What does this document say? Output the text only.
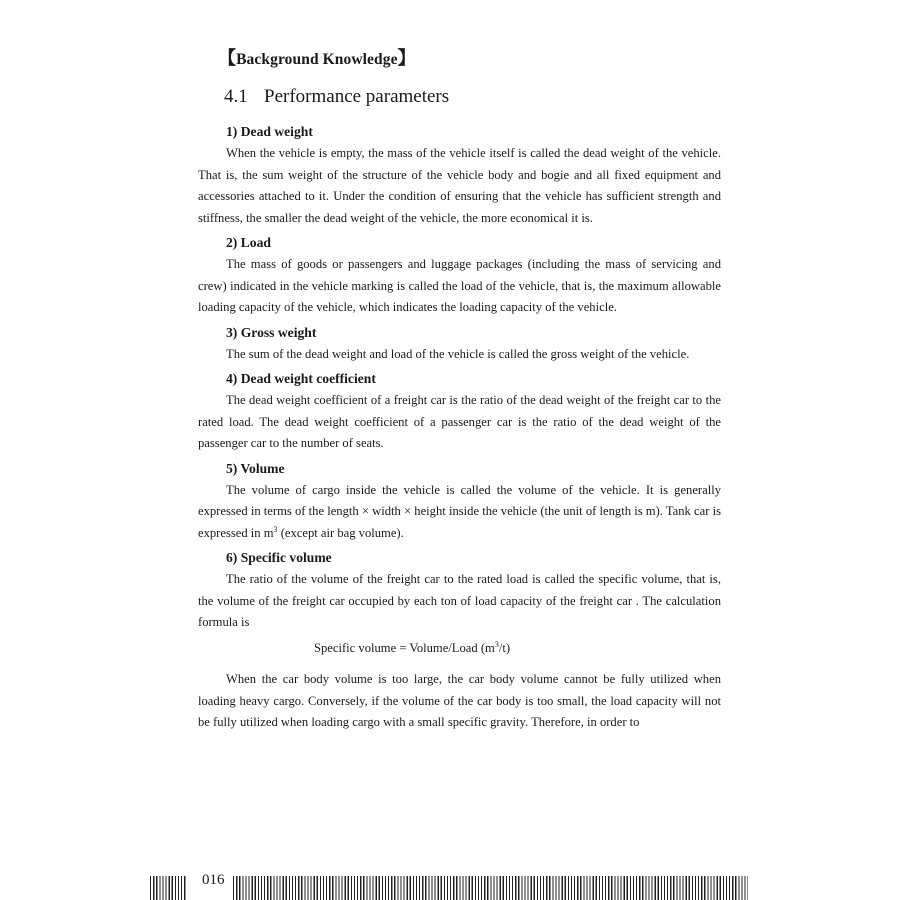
【Background Knowledge】
4.1 Performance parameters
1) Dead weight

When the vehicle is empty, the mass of the vehicle itself is called the dead weight of the vehicle. That is, the sum weight of the structure of the vehicle body and bogie and all fixed equipment and accessories attached to it. Under the condition of ensuring that the vehicle has sufficient strength and stiffness, the smaller the dead weight of the vehicle, the more economical it is.

2) Load

The mass of goods or passengers and luggage packages (including the mass of servicing and crew) indicated in the vehicle marking is called the load of the vehicle, that is, the maximum allowable loading capacity of the vehicle, which indicates the loading capacity of the vehicle.

3) Gross weight

The sum of the dead weight and load of the vehicle is called the gross weight of the vehicle.

4) Dead weight coefficient

The dead weight coefficient of a freight car is the ratio of the dead weight of the freight car to the rated load. The dead weight coefficient of a passenger car is the ratio of the dead weight of the passenger car to the number of seats.

5) Volume

The volume of cargo inside the vehicle is called the volume of the vehicle. It is generally expressed in terms of the length × width × height inside the vehicle (the unit of length is m). Tank car is expressed in $m^3$ (except air bag volume).

6) Specific volume

The ratio of the volume of the freight car to the rated load is called the specific volume, that is, the volume of the freight car occupied by each ton of load capacity of the freight car . The calculation formula is

Specific volume = Volume/Load $(m^3/t)$

When the car body volume is too large, the car body volume cannot be fully utilized when loading heavy cargo. Conversely, if the volume of the car body is too small, the load capacity will not be fully utilized when loading cargo with a small specific gravity. Therefore, in order to

016
